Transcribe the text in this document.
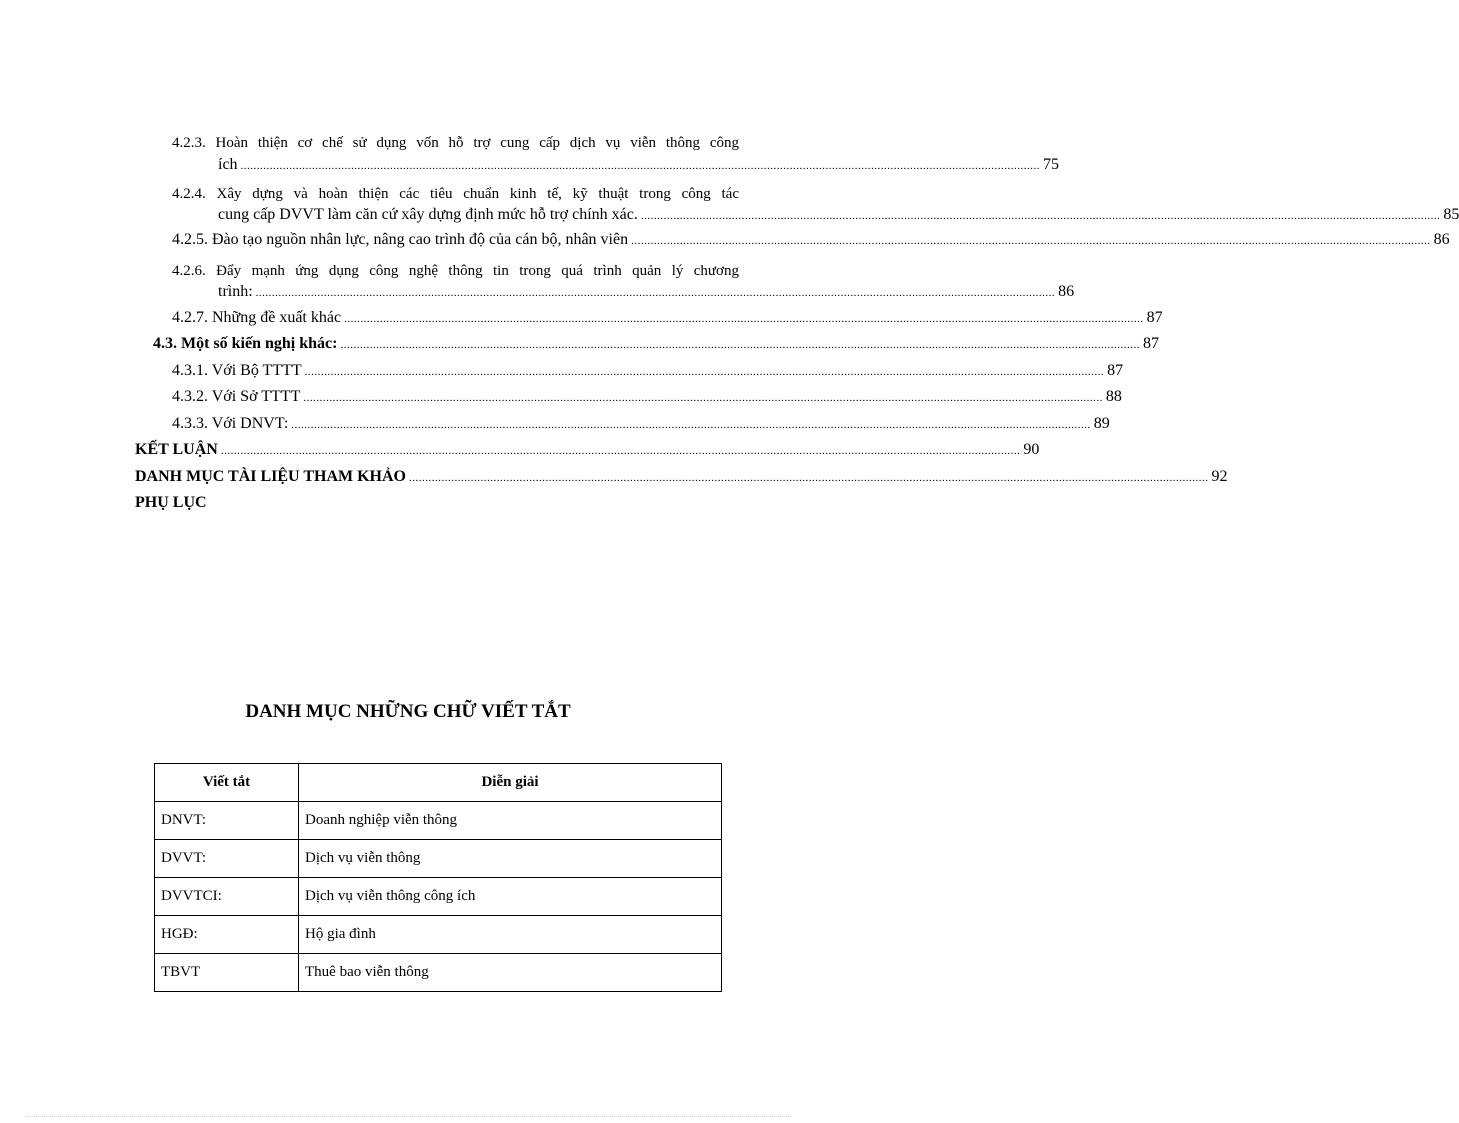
4.2.3. Hoàn thiện cơ chế sử dụng vốn hỗ trợ cung cấp dịch vụ viễn thông công
ích ...................................................................................................................................................................................................................................................... 75
4.2.4. Xây dựng và hoàn thiện các tiêu chuẩn kinh tế, kỹ thuật trong công tác
cung cấp DVVT làm căn cứ xây dựng định mức hỗ trợ chính xác. ...................................................................................................................................................................................................................................................... 85
4.2.5. Đào tạo nguồn nhân lực, nâng cao trình độ của cán bộ, nhân viên ...................................................................................................................................................................................................................................................... 86
4.2.6. Đẩy mạnh ứng dụng công nghệ thông tin trong quá trình quản lý chương
trình: ...................................................................................................................................................................................................................................................... 86
4.2.7. Những đề xuất khác ...................................................................................................................................................................................................................................................... 87
4.3. Một số kiến nghị khác: ...................................................................................................................................................................................................................................................... 87
4.3.1. Với Bộ TTTT ...................................................................................................................................................................................................................................................... 87
4.3.2. Với Sở TTTT ...................................................................................................................................................................................................................................................... 88
4.3.3. Với DNVT: ...................................................................................................................................................................................................................................................... 89
KẾT LUẬN ...................................................................................................................................................................................................................................................... 90
DANH MỤC TÀI LIỆU THAM KHẢO ...................................................................................................................................................................................................................................................... 92
PHỤ LỤC
DANH MỤC NHỮNG CHỮ VIẾT TẮT
Viết tắt	Diễn giải
DNVT:	Doanh nghiệp viễn thông
DVVT:	Dịch vụ viễn thông
DVVTCI:	Dịch vụ viễn thông công ích
HGĐ:	Hộ gia đình
TBVT	Thuê bao viễn thông
